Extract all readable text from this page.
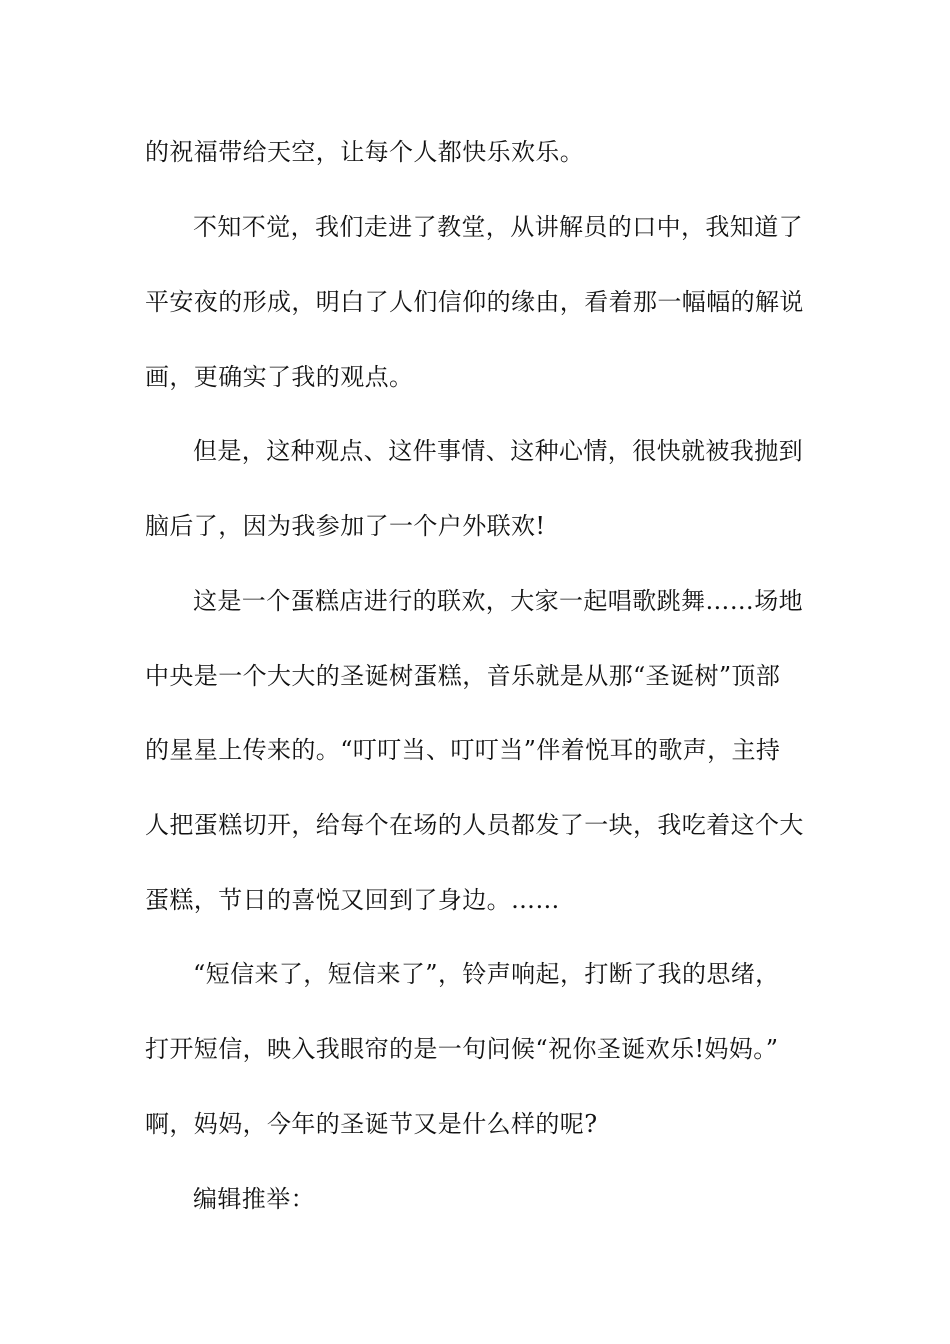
的祝福带给天空，让每个人都快乐欢乐。
不知不觉，我们走进了教堂，从讲解员的口中，我知道了
平安夜的形成，明白了人们信仰的缘由，看着那一幅幅的解说
画，更确实了我的观点。
但是，这种观点、这件事情、这种心情，很快就被我抛到
脑后了，因为我参加了一个户外联欢!
这是一个蛋糕店进行的联欢，大家一起唱歌跳舞……场地
中央是一个大大的圣诞树蛋糕，音乐就是从那“圣诞树”顶部
的星星上传来的。“叮叮当、叮叮当”伴着悦耳的歌声，主持
人把蛋糕切开，给每个在场的人员都发了一块，我吃着这个大
蛋糕，节日的喜悦又回到了身边。……
“短信来了，短信来了”，铃声响起，打断了我的思绪，
打开短信，映入我眼帘的是一句问候“祝你圣诞欢乐!妈妈。”
啊，妈妈，今年的圣诞节又是什么样的呢?
编辑推举：
